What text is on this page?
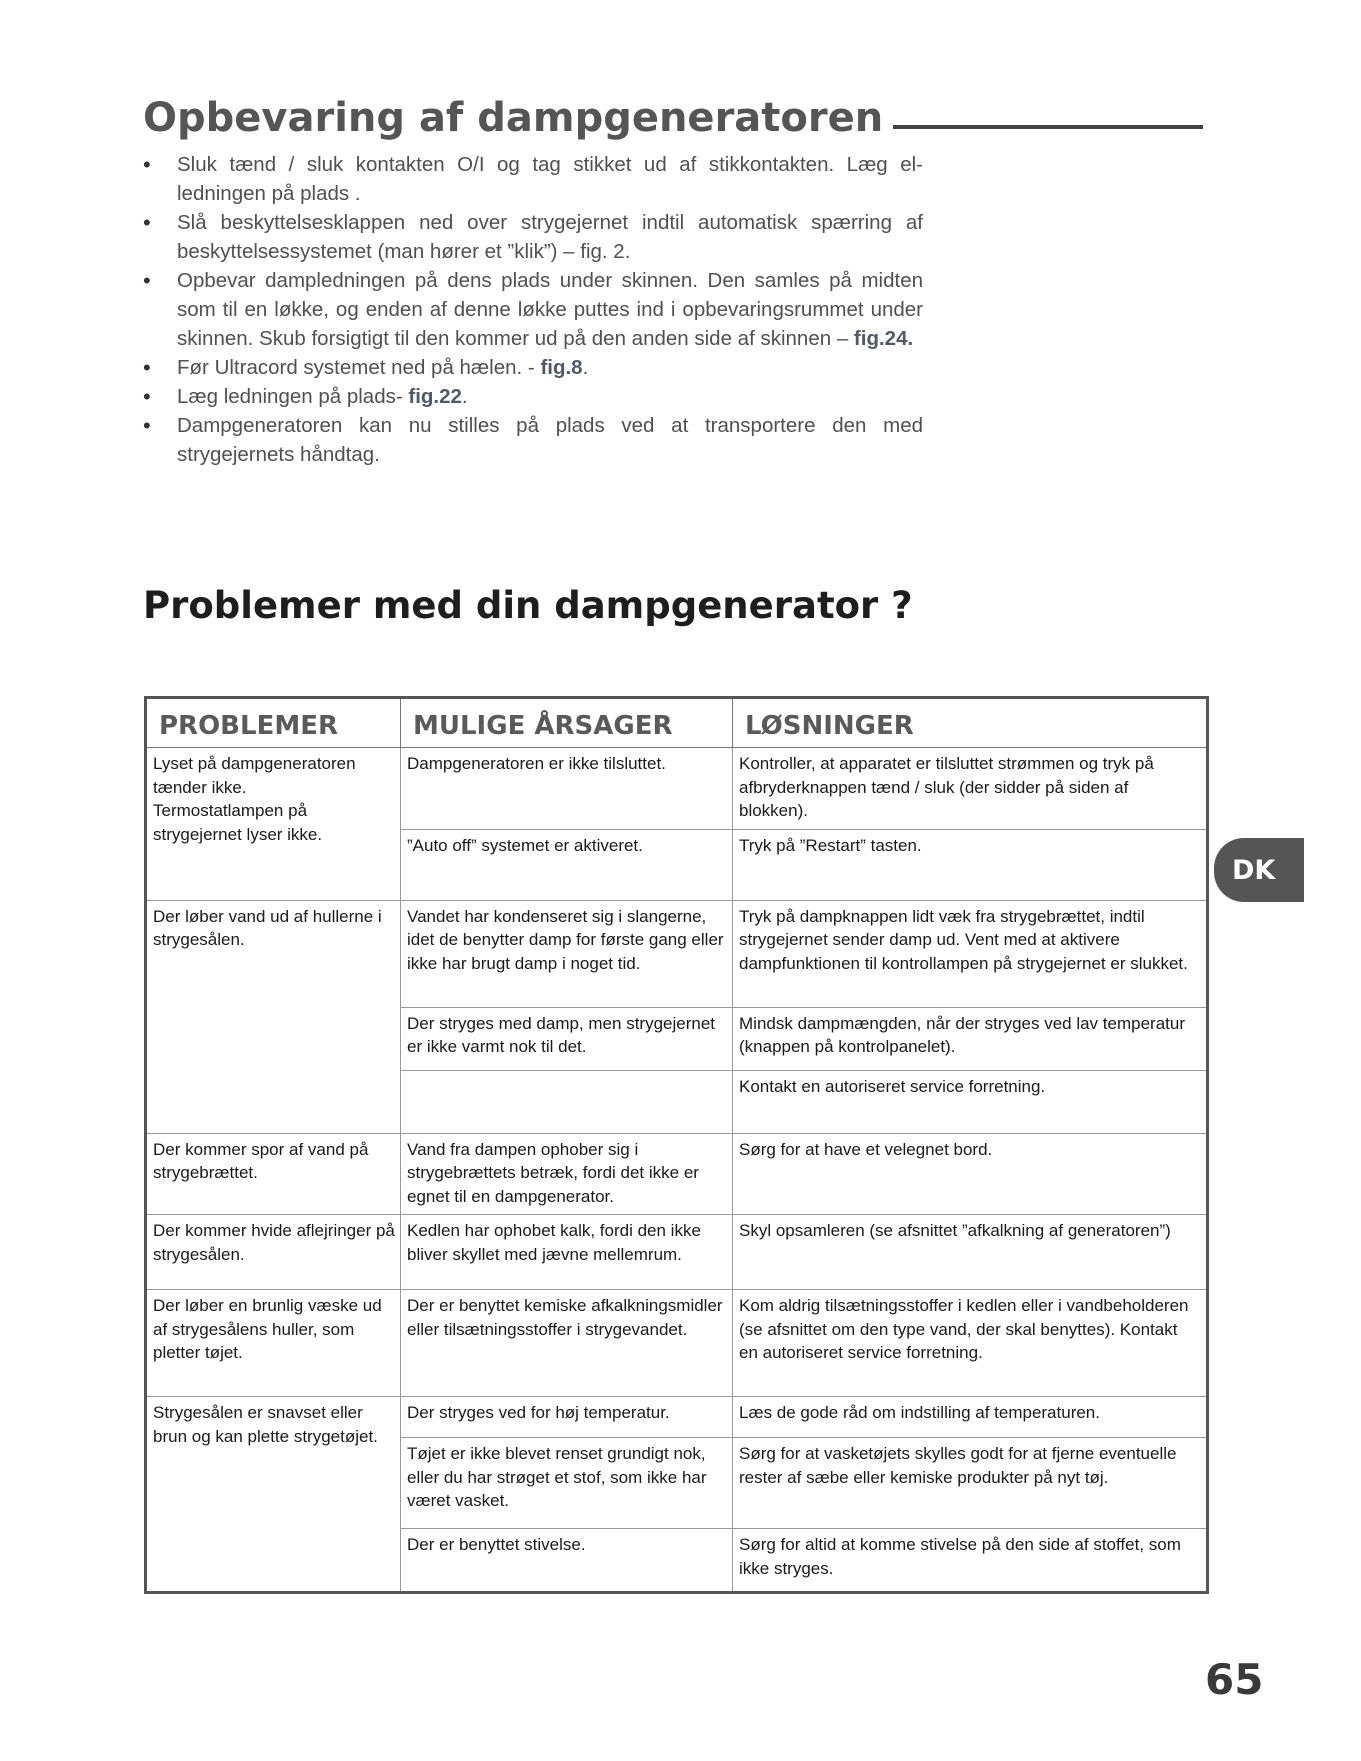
Opbevaring af dampgeneratoren
• Sluk tænd / sluk kontakten O/I og tag stikket ud af stikkontakten. Læg el-ledningen på plads .
• Slå beskyttelsesklappen ned over strygejernet indtil automatisk spærring af beskyttelsessystemet (man hører et ”klik”) – fig. 2.
• Opbevar dampledningen på dens plads under skinnen. Den samles på midten som til en løkke, og enden af denne løkke puttes ind i opbevaringsrummet under skinnen. Skub forsigtigt til den kommer ud på den anden side af skinnen – fig.24.
• Før Ultracord systemet ned på hælen. - fig.8.
• Læg ledningen på plads- fig.22.
• Dampgeneratoren kan nu stilles på plads ved at transportere den med strygejernets håndtag.
Problemer med din dampgenerator ?
PROBLEMER	MULIGE ÅRSAGER	LØSNINGER
Lyset på dampgeneratoren tænder ikke.
Termostatlampen på strygejernet lyser ikke.	Dampgeneratoren er ikke tilsluttet.	Kontroller, at apparatet er tilsluttet strømmen og tryk på afbryderknappen tænd / sluk (der sidder på siden af blokken).
	”Auto off” systemet er aktiveret.	Tryk på ”Restart” tasten.
Der løber vand ud af hullerne i strygesålen.	Vandet har kondenseret sig i slangerne, idet de benytter damp for første gang eller ikke har brugt damp i noget tid.	Tryk på dampknappen lidt væk fra strygebrættet, indtil strygejernet sender damp ud. Vent med at aktivere dampfunktionen til kontrollampen på strygejernet er slukket.
	Der stryges med damp, men strygejernet er ikke varmt nok til det.	Mindsk dampmængden, når der stryges ved lav temperatur (knappen på kontrolpanelet).
		Kontakt en autoriseret service forretning.
Der kommer spor af vand på strygebrættet.	Vand fra dampen ophober sig i strygebrættets betræk, fordi det ikke er egnet til en dampgenerator.	Sørg for at have et velegnet bord.
Der kommer hvide aflejringer på strygesålen.	Kedlen har ophobet kalk, fordi den ikke bliver skyllet med jævne mellemrum.	Skyl opsamleren (se afsnittet ”afkalkning af generatoren”)
Der løber en brunlig væske ud af strygesålens huller, som pletter tøjet.	Der er benyttet kemiske afkalkningsmidler eller tilsætningsstoffer i strygevandet.	Kom aldrig tilsætningsstoffer i kedlen eller i vandbeholderen (se afsnittet om den type vand, der skal benyttes). Kontakt en autoriseret service forretning.
Strygesålen er snavset eller brun og kan plette strygetøjet.	Der stryges ved for høj temperatur.	Læs de gode råd om indstilling af temperaturen.
	Tøjet er ikke blevet renset grundigt nok, eller du har strøget et stof, som ikke har været vasket.	Sørg for at vasketøjets skylles godt for at fjerne eventuelle rester af sæbe eller kemiske produkter på nyt tøj.
	Der er benyttet stivelse.	Sørg for altid at komme stivelse på den side af stoffet, som ikke stryges.
DK
65
